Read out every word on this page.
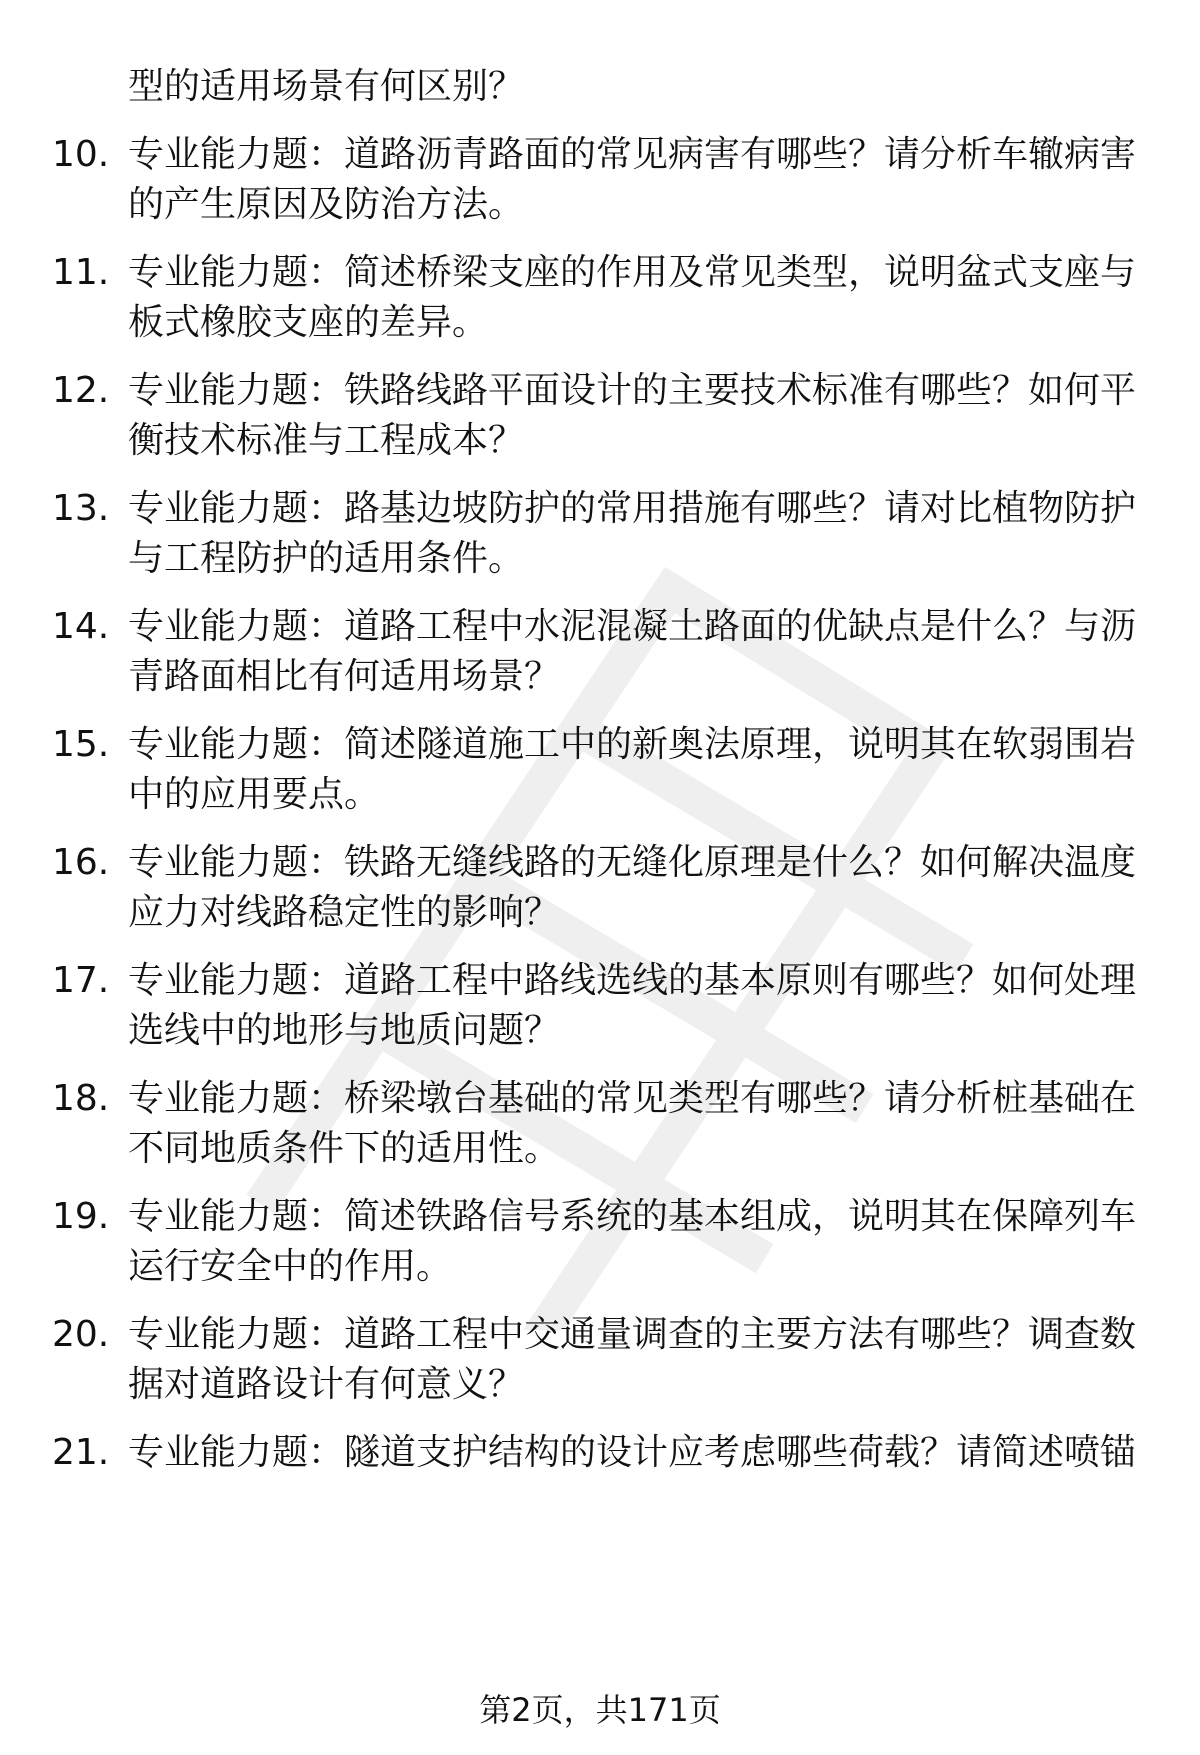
型的适用场景有何区别？

10. 专业能力题：道路沥青路面的常见病害有哪些？请分析车辙病害的产生原因及防治方法。

11. 专业能力题：简述桥梁支座的作用及常见类型，说明盆式支座与板式橡胶支座的差异。

12. 专业能力题：铁路线路平面设计的主要技术标准有哪些？如何平衡技术标准与工程成本？

13. 专业能力题：路基边坡防护的常用措施有哪些？请对比植物防护与工程防护的适用条件。

14. 专业能力题：道路工程中水泥混凝土路面的优缺点是什么？与沥青路面相比有何适用场景？

15. 专业能力题：简述隧道施工中的新奥法原理，说明其在软弱围岩中的应用要点。

16. 专业能力题：铁路无缝线路的无缝化原理是什么？如何解决温度应力对线路稳定性的影响？

17. 专业能力题：道路工程中路线选线的基本原则有哪些？如何处理选线中的地形与地质问题？

18. 专业能力题：桥梁墩台基础的常见类型有哪些？请分析桩基础在不同地质条件下的适用性。

19. 专业能力题：简述铁路信号系统的基本组成，说明其在保障列车运行安全中的作用。

20. 专业能力题：道路工程中交通量调查的主要方法有哪些？调查数据对道路设计有何意义？

21. 专业能力题：隧道支护结构的设计应考虑哪些荷载？请简述喷锚

第2页，共171页
